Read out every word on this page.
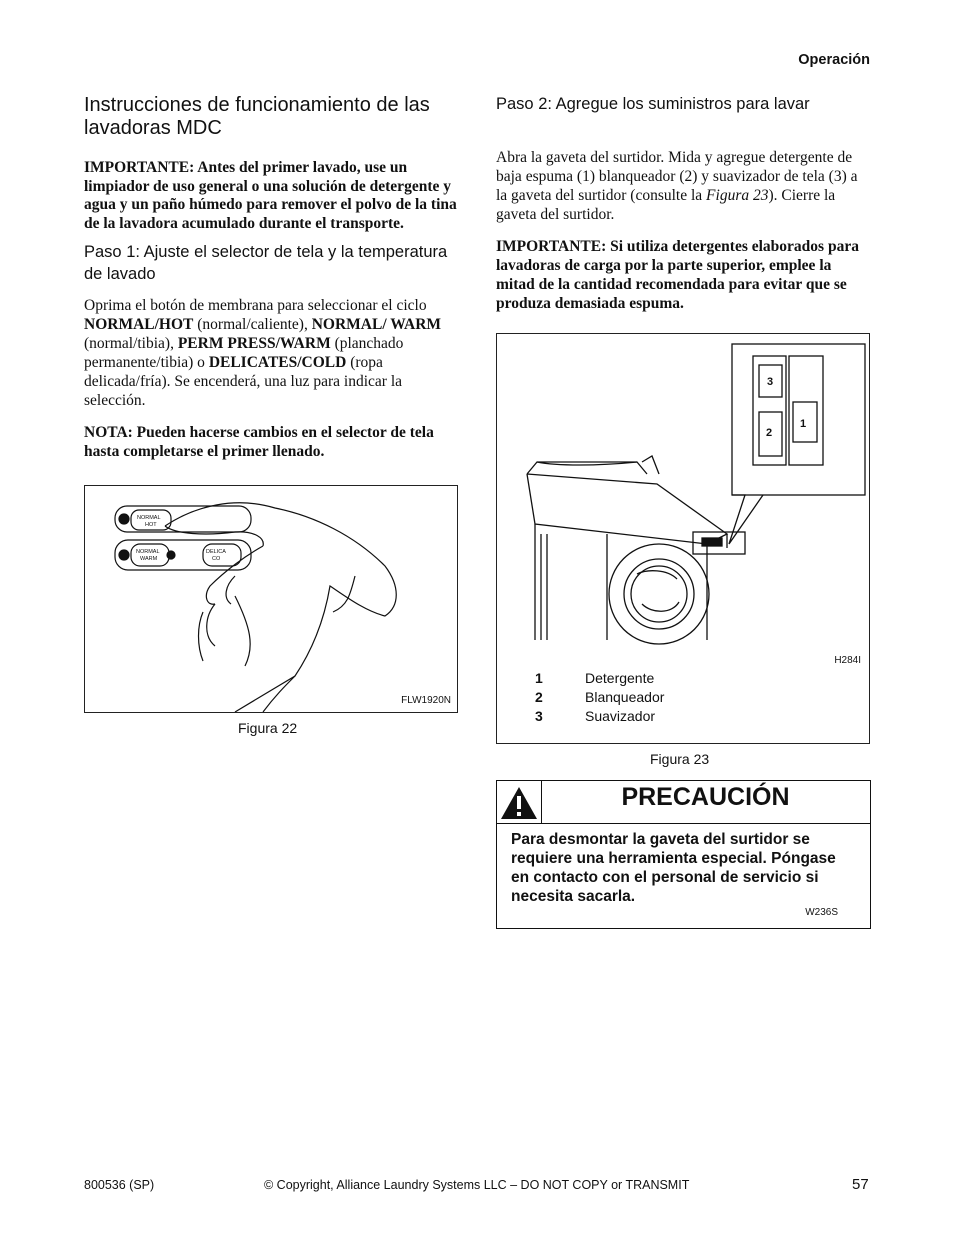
Operación
Instrucciones de funcionamiento de las lavadoras MDC

IMPORTANTE: Antes del primer lavado, use un limpiador de uso general o una solución de detergente y agua y un paño húmedo para remover el polvo de la tina de la lavadora acumulado durante el transporte.

Paso 1: Ajuste el selector de tela y la temperatura de lavado

Oprima el botón de membrana para seleccionar el ciclo NORMAL/HOT (normal/caliente), NORMAL/ WARM (normal/tibia), PERM PRESS/WARM (planchado permanente/tibia) o DELICATES/COLD (ropa delicada/fría). Se encenderá, una luz para indicar la selección.

NOTA: Pueden hacerse cambios en el selector de tela hasta completarse el primer llenado.

NORMAL
HOT
NORMAL
WARM
DELICA
CO
FLW1920N
Figura 22
Paso 2: Agregue los suministros para lavar

Abra la gaveta del surtidor. Mida y agregue detergente de baja espuma (1) blanqueador (2) y suavizador de tela (3) a la gaveta del surtidor (consulte la Figura 23). Cierre la gaveta del surtidor.

IMPORTANTE: Si utiliza detergentes elaborados para lavadoras de carga por la parte superior, emplee la mitad de la cantidad recomendada para evitar que se produza demasiada espuma.

3
2
1
H284I
1	Detergente
2	Blanqueador
3	Suavizador
Figura 23
PRECAUCIÓN
Para desmontar la gaveta del surtidor se requiere una herramienta especial. Póngase en contacto con el personal de servicio si necesita sacarla.
W236S
800536 (SP)	© Copyright, Alliance Laundry Systems LLC – DO NOT COPY or TRANSMIT	57
